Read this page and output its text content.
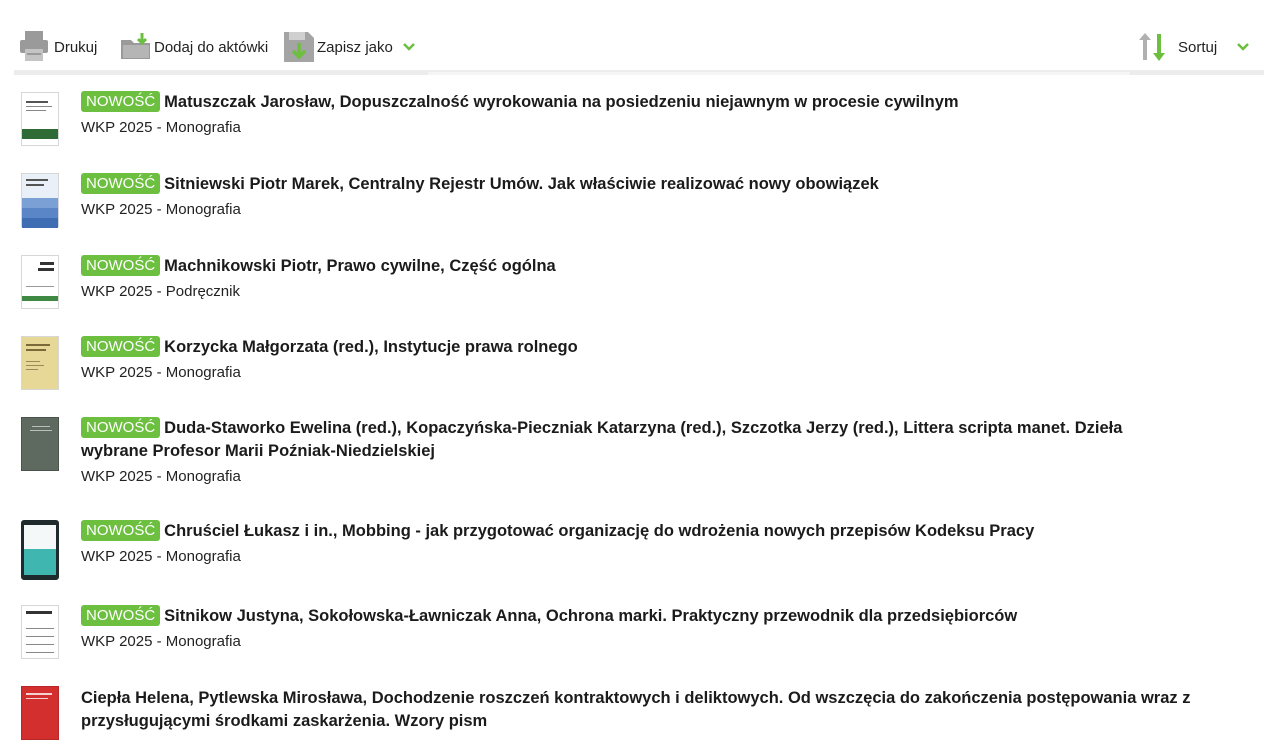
Drukuj	Dodaj do aktówki	Zapisz jako	Sortuj
NOWOŚĆ Matuszczak Jarosław, Dopuszczalność wyrokowania na posiedzeniu niejawnym w procesie cywilnym
WKP 2025 - Monografia
NOWOŚĆ Sitniewski Piotr Marek, Centralny Rejestr Umów. Jak właściwie realizować nowy obowiązek
WKP 2025 - Monografia
NOWOŚĆ Machnikowski Piotr, Prawo cywilne, Część ogólna
WKP 2025 - Podręcznik
NOWOŚĆ Korzycka Małgorzata (red.), Instytucje prawa rolnego
WKP 2025 - Monografia
NOWOŚĆ Duda-Staworko Ewelina (red.), Kopaczyńska-Pieczniak Katarzyna (red.), Szczotka Jerzy (red.), Littera scripta manet. Dzieła wybrane Profesor Marii Poźniak-Niedzielskiej
WKP 2025 - Monografia
NOWOŚĆ Chruściel Łukasz i in., Mobbing - jak przygotować organizację do wdrożenia nowych przepisów Kodeksu Pracy
WKP 2025 - Monografia
NOWOŚĆ Sitnikow Justyna, Sokołowska-Ławniczak Anna, Ochrona marki. Praktyczny przewodnik dla przedsiębiorców
WKP 2025 - Monografia
Ciepła Helena, Pytlewska Mirosława, Dochodzenie roszczeń kontraktowych i deliktowych. Od wszczęcia do zakończenia postępowania wraz z przysługującymi środkami zaskarżenia. Wzory pism
